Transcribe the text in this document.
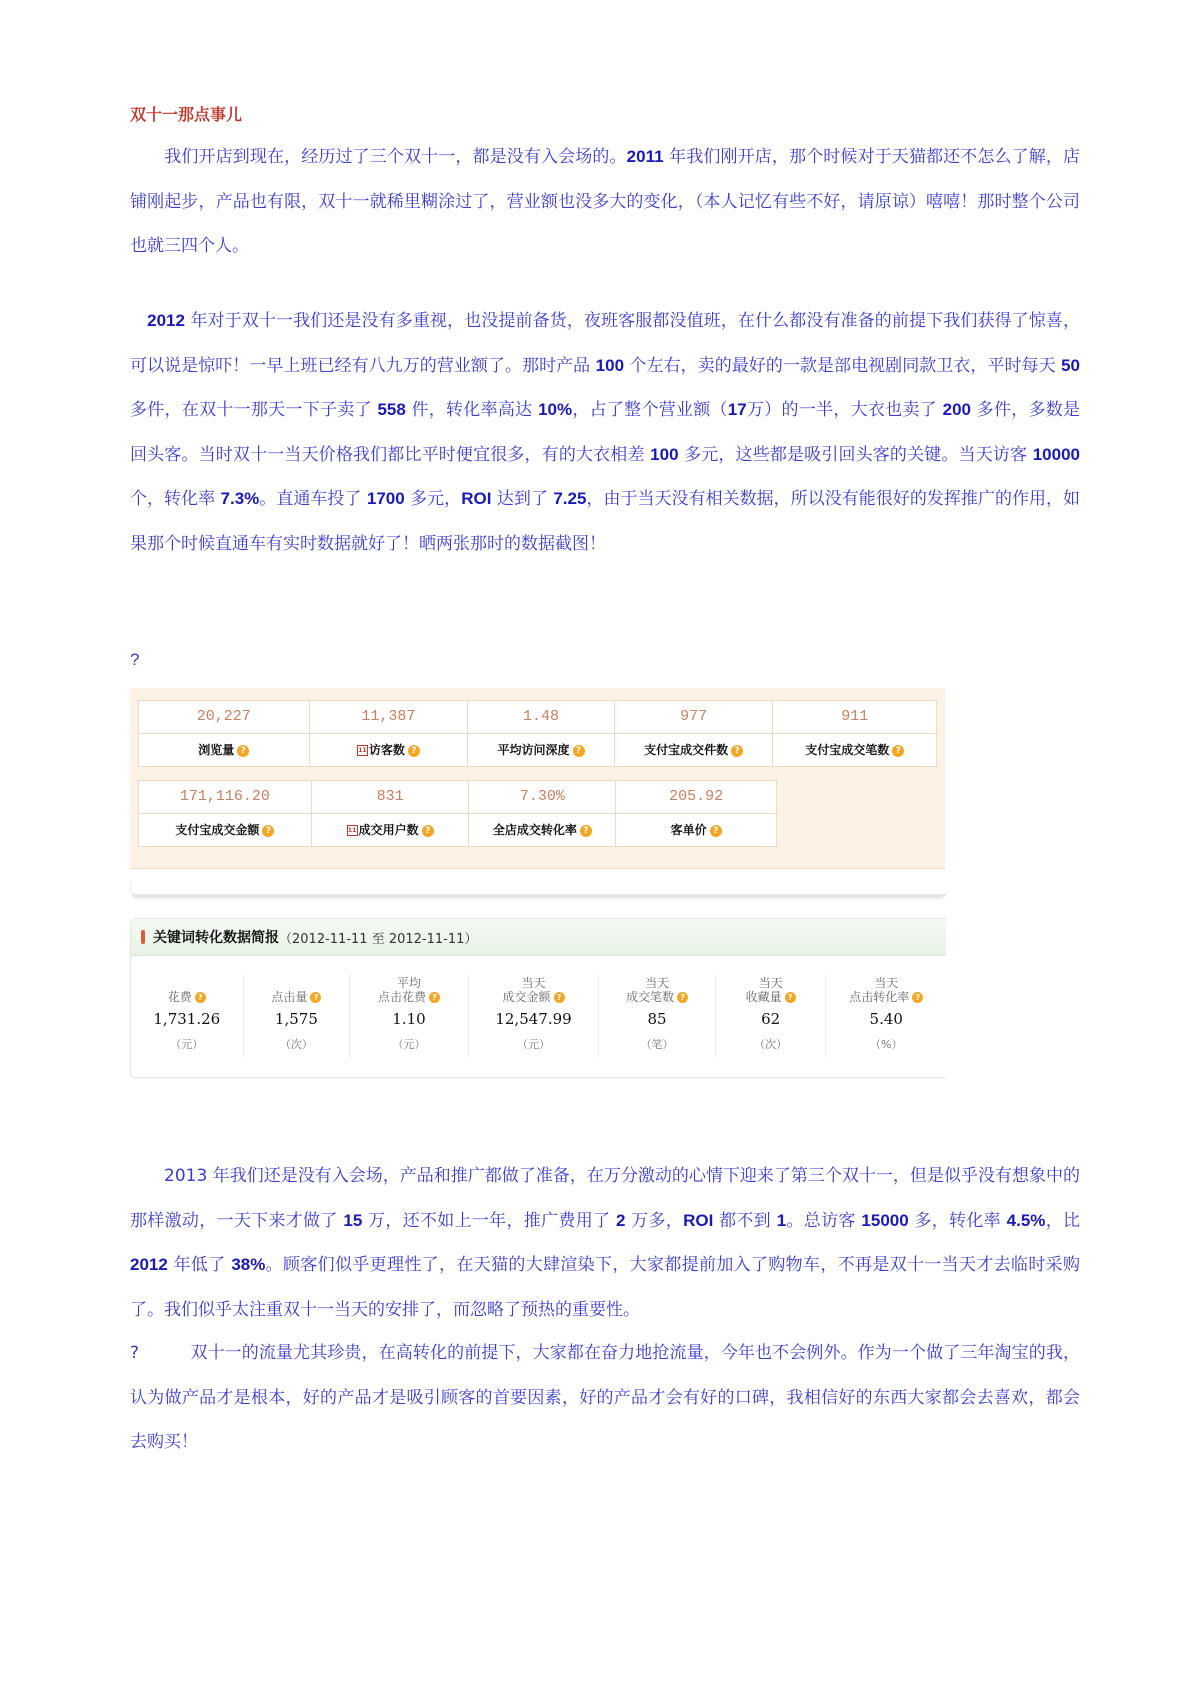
双十一那点事儿
　　我们开店到现在，经历过了三个双十一，都是没有入会场的。2011 年我们刚开店，那个时候对于天猫都还不怎么了解，店铺刚起步，产品也有限，双十一就稀里糊涂过了，营业额也没多大的变化，（本人记忆有些不好，请原谅）嘻嘻！那时整个公司也就三四个人。
　2012 年对于双十一我们还是没有多重视，也没提前备货，夜班客服都没值班，在什么都没有准备的前提下我们获得了惊喜，可以说是惊吓！一早上班已经有八九万的营业额了。那时产品 100 个左右，卖的最好的一款是部电视剧同款卫衣，平时每天 50 多件，在双十一那天一下子卖了 558 件，转化率高达 10%，占了整个营业额（17万）的一半，大衣也卖了 200 多件，多数是回头客。当时双十一当天价格我们都比平时便宜很多，有的大衣相差 100 多元，这些都是吸引回头客的关键。当天访客 10000 个，转化率 7.3%。直通车投了 1700 多元，ROI 达到了 7.25，由于当天没有相关数据，所以没有能很好的发挥推广的作用，如果那个时候直通车有实时数据就好了！晒两张那时的数据截图！
?
20,227
浏览量 ?
11,387
11 访客数 ?
1.48
平均访问深度 ?
977
支付宝成交件数 ?
911
支付宝成交笔数 ?
171,116.20
支付宝成交金额 ?
831
11 成交用户数 ?
7.30%
全店成交转化率 ?
205.92
客单价 ?
关键词转化数据简报 （2012-11-11 至 2012-11-11）
花费 ?
1,731.26
（元）
点击量 ?
1,575
（次）
平均
点击花费 ?
1.10
（元）
当天
成交金额 ?
12,547.99
（元）
当天
成交笔数 ?
85
（笔）
当天
收藏量 ?
62
（次）
当天
点击转化率 ?
5.40
（%）
　　2013 年我们还是没有入会场，产品和推广都做了准备，在万分激动的心情下迎来了第三个双十一，但是似乎没有想象中的那样激动，一天下来才做了 15 万，还不如上一年，推广费用了 2 万多，ROI 都不到 1。总访客 15000 多，转化率 4.5%，比 2012 年低了 38%。顾客们似乎更理性了，在天猫的大肆渲染下，大家都提前加入了购物车，不再是双十一当天才去临时采购了。我们似乎太注重双十一当天的安排了，而忽略了预热的重要性。
?　　　双十一的流量尤其珍贵，在高转化的前提下，大家都在奋力地抢流量，今年也不会例外。作为一个做了三年淘宝的我，认为做产品才是根本，好的产品才是吸引顾客的首要因素，好的产品才会有好的口碑，我相信好的东西大家都会去喜欢，都会去购买！
